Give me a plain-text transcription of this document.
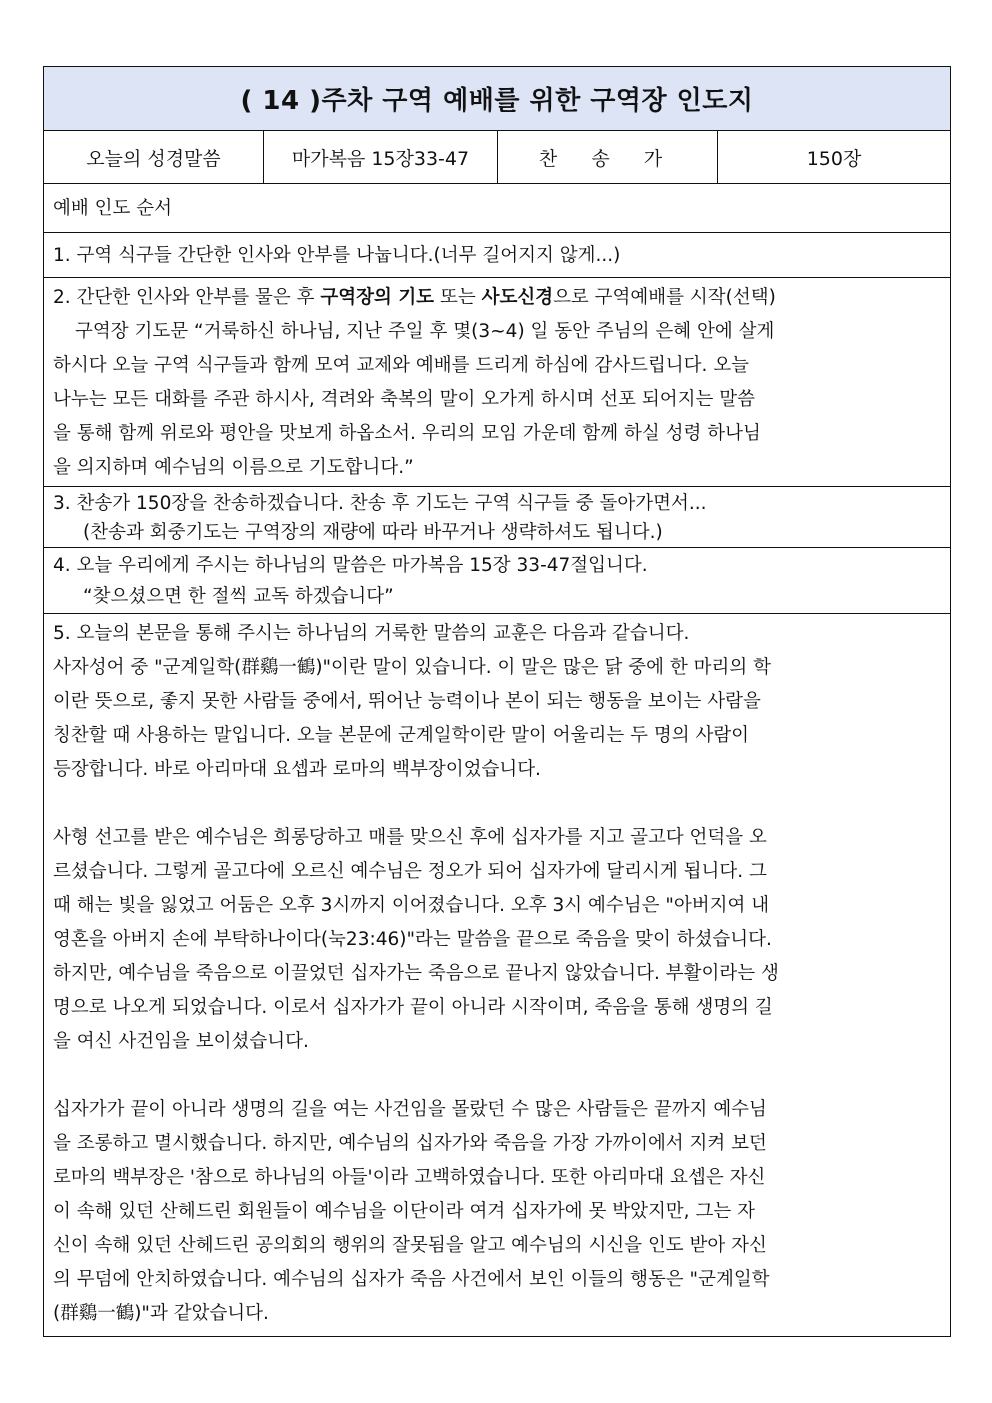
( 14 )주차 구역 예배를 위한 구역장 인도지
오늘의 성경말씀	마가복음 15장33-47	찬 송 가	150장
예배 인도 순서
1. 구역 식구들 간단한 인사와 안부를 나눕니다.(너무 길어지지 않게...)
2. 간단한 인사와 안부를 물은 후 구역장의 기도 또는 사도신경으로 구역예배를 시작(선택)
구역장 기도문 “거룩하신 하나님, 지난 주일 후 몇(3~4) 일 동안 주님의 은혜 안에 살게
하시다 오늘 구역 식구들과 함께 모여 교제와 예배를 드리게 하심에 감사드립니다. 오늘
나누는 모든 대화를 주관 하시사, 격려와 축복의 말이 오가게 하시며 선포 되어지는 말씀
을 통해 함께 위로와 평안을 맛보게 하옵소서. 우리의 모임 가운데 함께 하실 성령 하나님
을 의지하며 예수님의 이름으로 기도합니다.”
3. 찬송가 150장을 찬송하겠습니다. 찬송 후 기도는 구역 식구들 중 돌아가면서...
(찬송과 회중기도는 구역장의 재량에 따라 바꾸거나 생략하셔도 됩니다.)
4. 오늘 우리에게 주시는 하나님의 말씀은 마가복음 15장 33-47절입니다.
“찾으셨으면 한 절씩 교독 하겠습니다”
5. 오늘의 본문을 통해 주시는 하나님의 거룩한 말씀의 교훈은 다음과 같습니다.
사자성어 중 "군계일학(群鷄一鶴)"이란 말이 있습니다. 이 말은 많은 닭 중에 한 마리의 학
이란 뜻으로, 좋지 못한 사람들 중에서, 뛰어난 능력이나 본이 되는 행동을 보이는 사람을
칭찬할 때 사용하는 말입니다. 오늘 본문에 군계일학이란 말이 어울리는 두 명의 사람이
등장합니다. 바로 아리마대 요셉과 로마의 백부장이었습니다.
사형 선고를 받은 예수님은 희롱당하고 매를 맞으신 후에 십자가를 지고 골고다 언덕을 오
르셨습니다. 그렇게 골고다에 오르신 예수님은 정오가 되어 십자가에 달리시게 됩니다. 그
때 해는 빛을 잃었고 어둠은 오후 3시까지 이어졌습니다. 오후 3시 예수님은 "아버지여 내
영혼을 아버지 손에 부탁하나이다(눅23:46)"라는 말씀을 끝으로 죽음을 맞이 하셨습니다.
하지만, 예수님을 죽음으로 이끌었던 십자가는 죽음으로 끝나지 않았습니다. 부활이라는 생
명으로 나오게 되었습니다. 이로서 십자가가 끝이 아니라 시작이며, 죽음을 통해 생명의 길
을 여신 사건임을 보이셨습니다.
십자가가 끝이 아니라 생명의 길을 여는 사건임을 몰랐던 수 많은 사람들은 끝까지 예수님
을 조롱하고 멸시했습니다. 하지만, 예수님의 십자가와 죽음을 가장 가까이에서 지켜 보던
로마의 백부장은 '참으로 하나님의 아들'이라 고백하였습니다. 또한 아리마대 요셉은 자신
이 속해 있던 산헤드린 회원들이 예수님을 이단이라 여겨 십자가에 못 박았지만, 그는 자
신이 속해 있던 산헤드린 공의회의 행위의 잘못됨을 알고 예수님의 시신을 인도 받아 자신
의 무덤에 안치하였습니다. 예수님의 십자가 죽음 사건에서 보인 이들의 행동은 "군계일학
(群鷄一鶴)"과 같았습니다.
